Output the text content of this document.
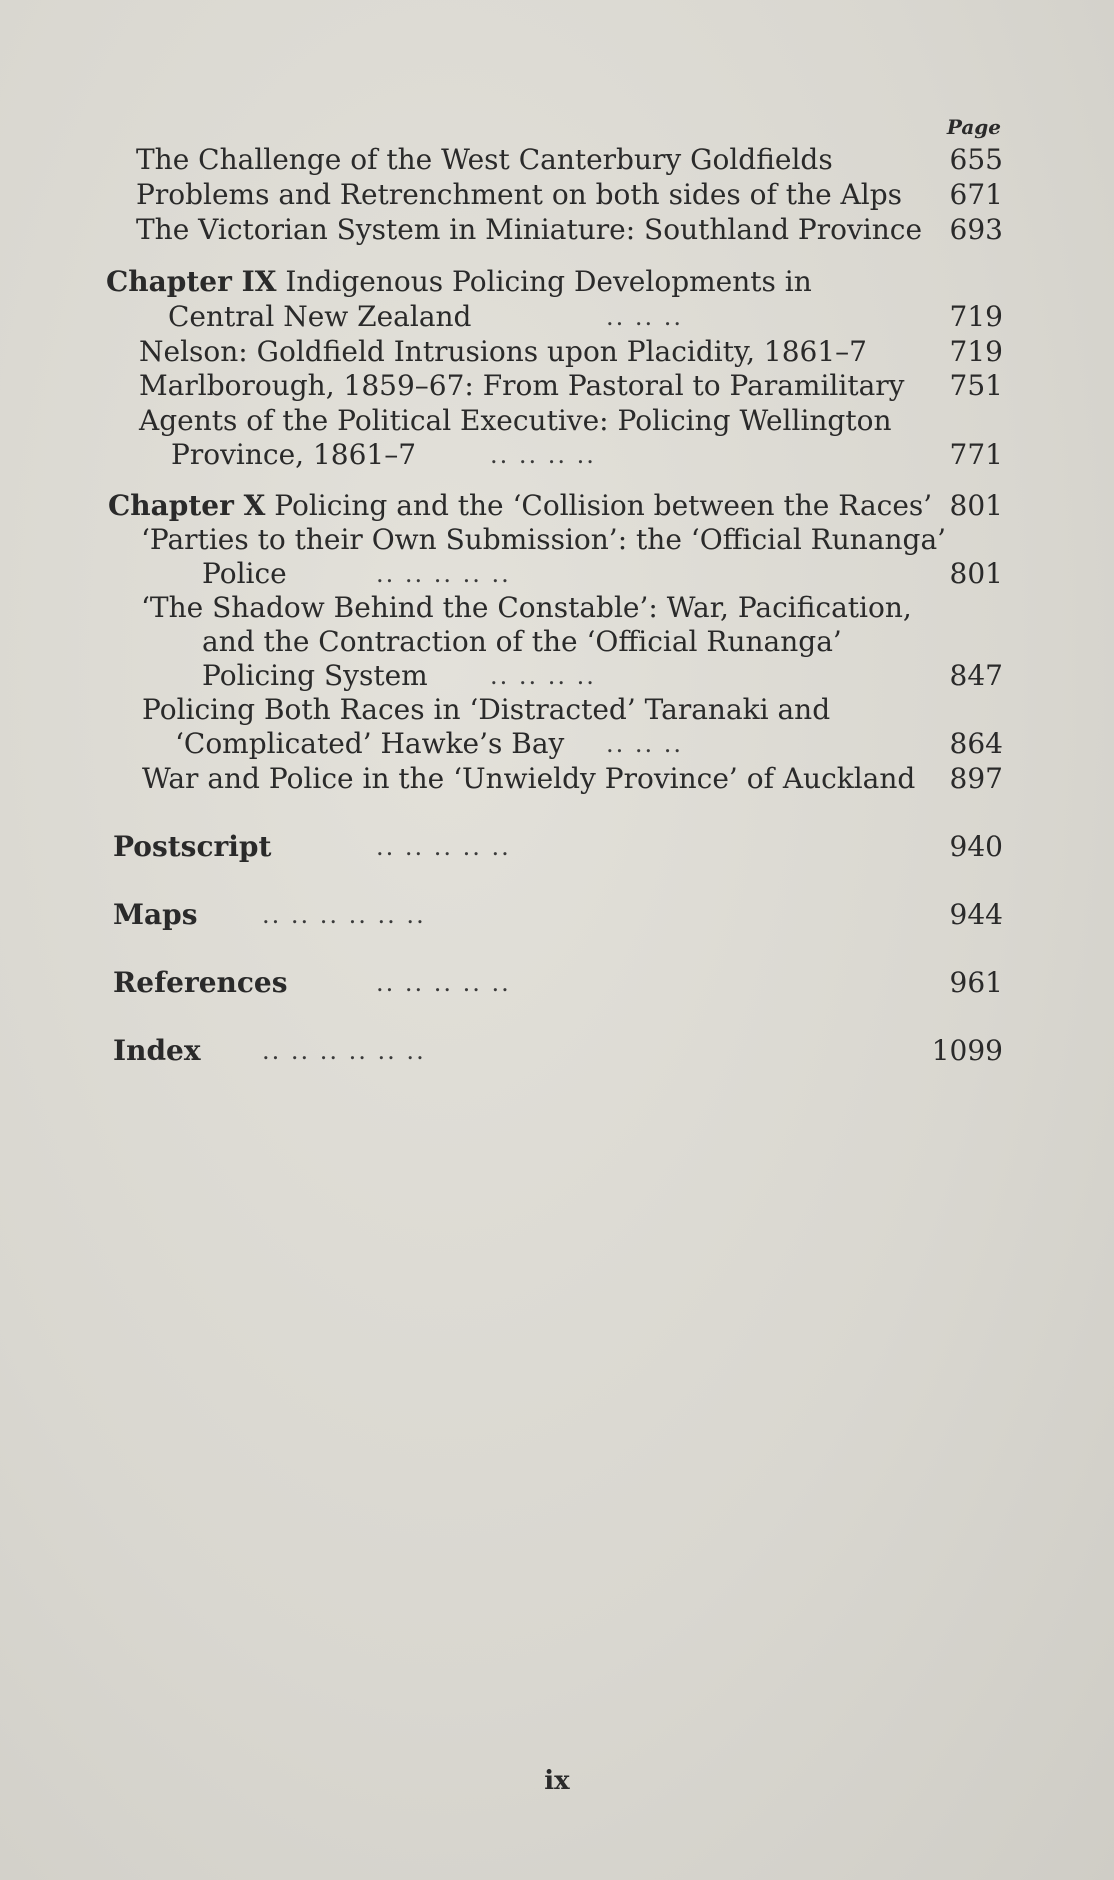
Page
The Challenge of the West Canterbury Goldfields	655
Problems and Retrenchment on both sides of the Alps 671
The Victorian System in Miniature: Southland Province 693
Chapter IX Indigenous Policing Developments in
Central New Zealand	.. .. ..	719
Nelson: Goldfield Intrusions upon Placidity, 1861–7	719
Marlborough, 1859–67: From Pastoral to Paramilitary 751
Agents of the Political Executive: Policing Wellington
Province, 1861–7	.. .. .. ..	771
Chapter X Policing and the ‘Collision between the Races’ 801
‘Parties to their Own Submission’: the ‘Official Runanga’
Police	.. .. .. .. ..	801
‘The Shadow Behind the Constable’: War, Pacification,
and the Contraction of the ‘Official Runanga’
Policing System	.. .. .. ..	847
Policing Both Races in ‘Distracted’ Taranaki and
‘Complicated’ Hawke’s Bay .. .. ..	864
War and Police in the ‘Unwieldy Province’ of Auckland 897
Postscript	.. .. .. .. ..	940
Maps	.. .. .. .. .. ..	944
References	.. .. .. .. ..	961
Index	.. .. .. .. .. ..	1099
ix
